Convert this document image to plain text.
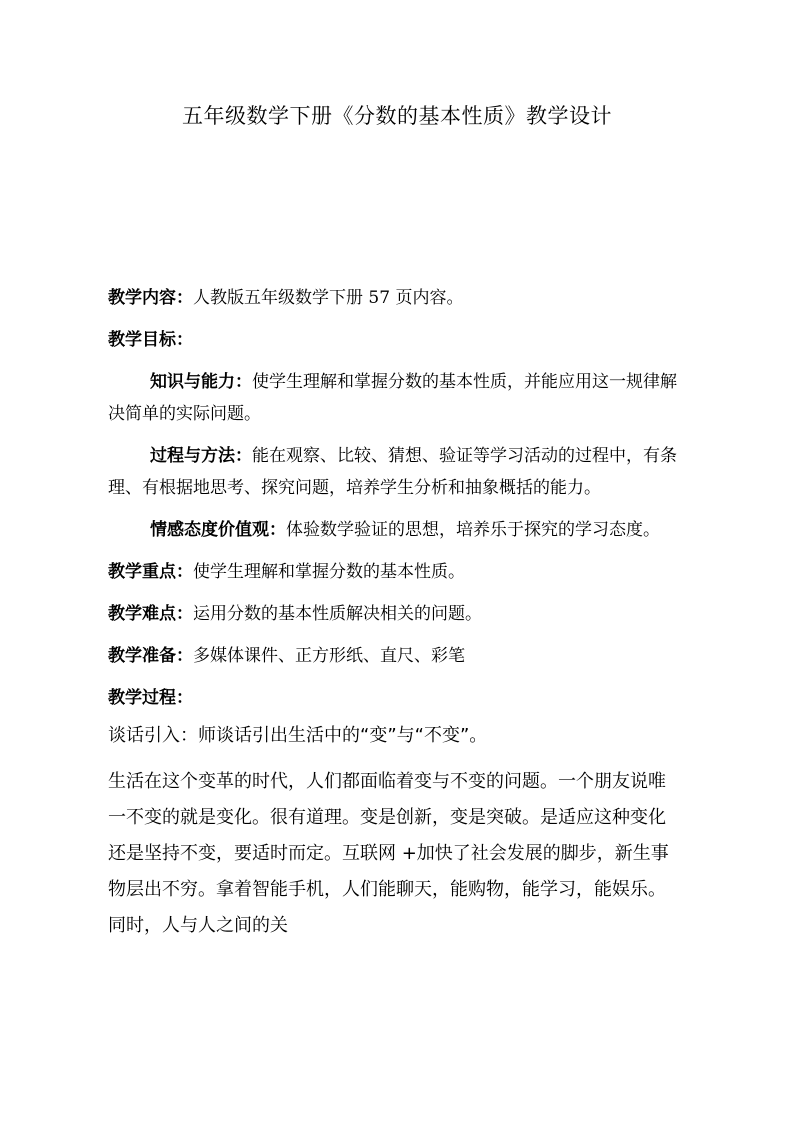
五年级数学下册《分数的基本性质》教学设计

教学内容：人教版五年级数学下册 57 页内容。

教学目标：

知识与能力：使学生理解和掌握分数的基本性质，并能应用这一规律解决简单的实际问题。

过程与方法：能在观察、比较、猜想、验证等学习活动的过程中，有条理、有根据地思考、探究问题，培养学生分析和抽象概括的能力。

情感态度价值观：体验数学验证的思想，培养乐于探究的学习态度。

教学重点：使学生理解和掌握分数的基本性质。

教学难点：运用分数的基本性质解决相关的问题。

教学准备：多媒体课件、正方形纸、直尺、彩笔

教学过程：

谈话引入：师谈话引出生活中的“变”与“不变”。

生活在这个变革的时代，人们都面临着变与不变的问题。一个朋友说唯一不变的就是变化。很有道理。变是创新，变是突破。是适应这种变化还是坚持不变，要适时而定。互联网 +加快了社会发展的脚步，新生事物层出不穷。拿着智能手机，人们能聊天，能购物，能学习，能娱乐。同时，人与人之间的关
